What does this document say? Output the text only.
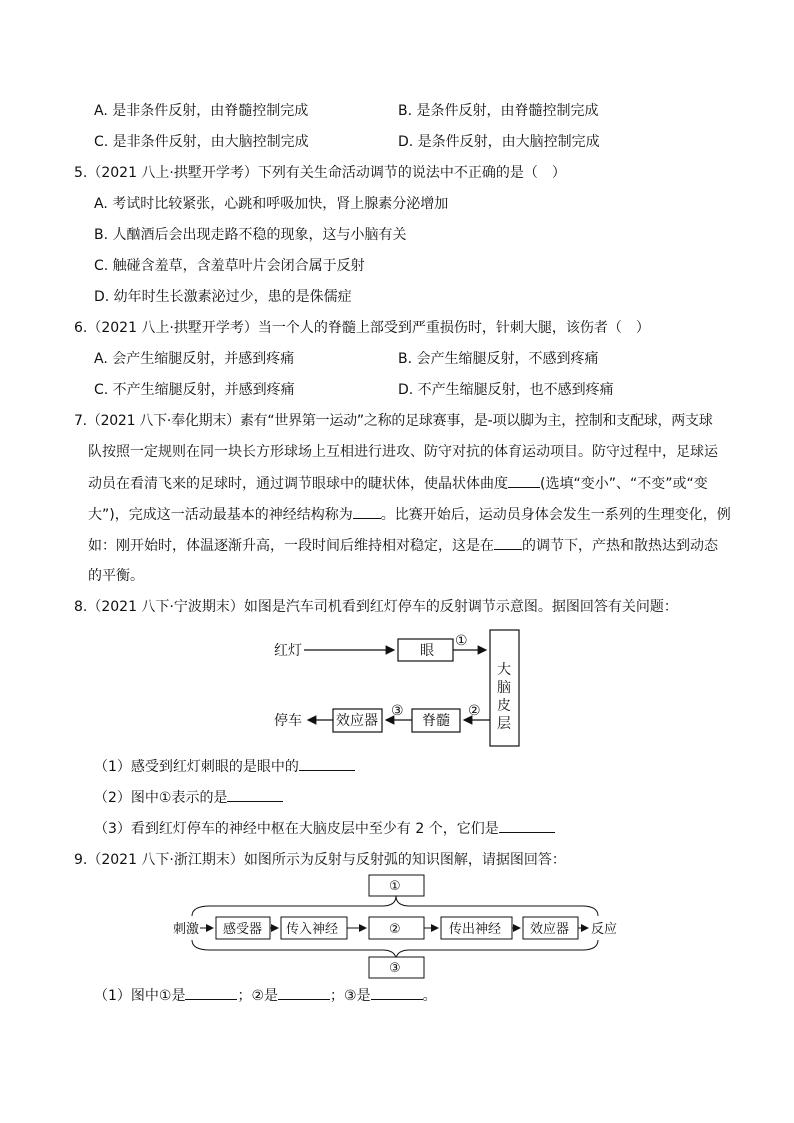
A. 是非条件反射，由脊髓控制完成	B. 是条件反射，由脊髓控制完成
C. 是非条件反射，由大脑控制完成	D. 是条件反射，由大脑控制完成
5.（2021 八上·拱墅开学考）下列有关生命活动调节的说法中不正确的是（　）
A. 考试时比较紧张，心跳和呼吸加快，肾上腺素分泌增加
B. 人酗酒后会出现走路不稳的现象，这与小脑有关
C. 触碰含羞草，含羞草叶片会闭合属于反射
D. 幼年时生长激素泌过少，患的是侏儒症
6.（2021 八上·拱墅开学考）当一个人的脊髓上部受到严重损伤时，针刺大腿，该伤者（　）
A. 会产生缩腿反射，并感到疼痛	B. 会产生缩腿反射，不感到疼痛
C. 不产生缩腿反射，并感到疼痛	D. 不产生缩腿反射，也不感到疼痛
7.（2021 八下·奉化期末）素有“世界第一运动”之称的足球赛事，是-项以脚为主，控制和支配球，两支球
队按照一定规则在同一块长方形球场上互相进行进攻、防守对抗的体育运动项目。防守过程中，足球运
动员在看清飞来的足球时，通过调节眼球中的睫状体，使晶状体曲度 (选填“变小”、“不变”或“变
大”)，完成这一活动最基本的神经结构称为 。比赛开始后，运动员身体会发生一系列的生理变化，例
如：刚开始时，体温逐渐升高，一段时间后维持相对稳定，这是在 的调节下，产热和散热达到动态
的平衡。
8.（2021 八下·宁波期末）如图是汽车司机看到红灯停车的反射调节示意图。据图回答有关问题：
红灯	眼
①
大
脑
皮
层
②
脊髓
③
效应器
停车
（1）感受到红灯刺眼的是眼中的
（2）图中①表示的是
（3）看到红灯停车的神经中枢在大脑皮层中至少有 2 个，它们是
9.（2021 八下·浙江期末）如图所示为反射与反射弧的知识图解，请据图回答：
①
刺激 感受器 传入神经	②	传出神经 效应器 反应
③
（1）图中①是	；②是	；③是	。
